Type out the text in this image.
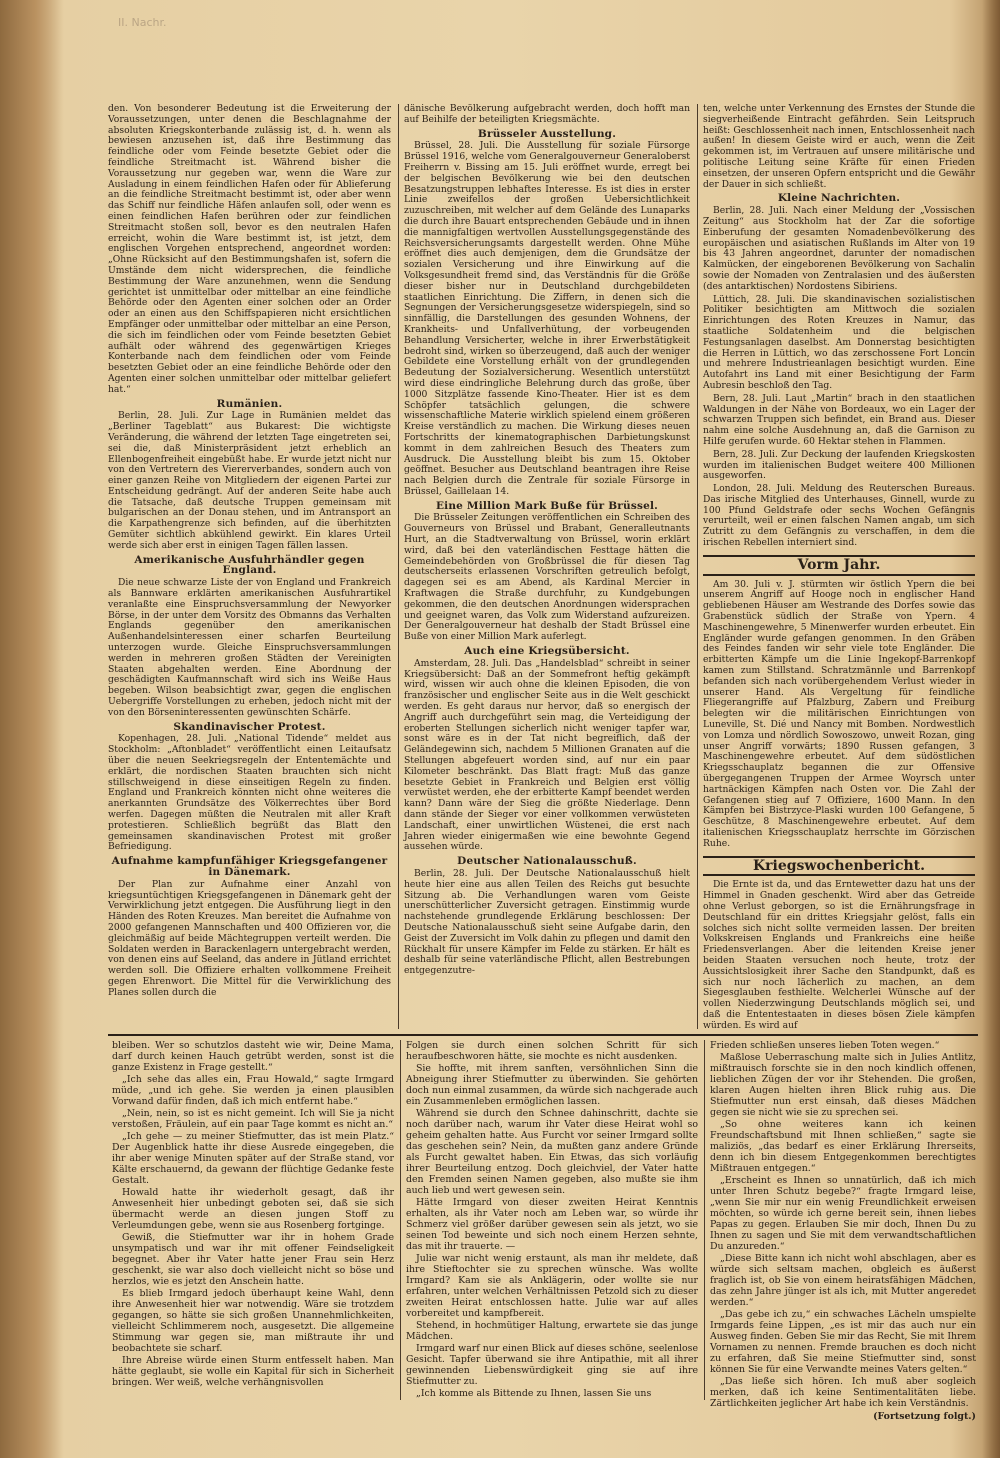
II. Nachr.

den. Von besonderer Bedeutung ist die Erweiterung der Voraussetzungen, unter denen die Beschlagnahme der absoluten Kriegskonterbande zulässig ist, d. h. wenn als bewiesen anzusehen ist, daß ihre Bestimmung das feindliche oder vom Feinde besetzte Gebiet oder die feindliche Streitmacht ist. Während bisher die Voraussetzung nur gegeben war, wenn die Ware zur Ausladung in einem feindlichen Hafen oder für Ablieferung an die feindliche Streitmacht bestimmt ist, oder aber wenn das Schiff nur feindliche Häfen anlaufen soll, oder wenn es einen feindlichen Hafen berühren oder zur feindlichen Streitmacht stoßen soll, bevor es den neutralen Hafen erreicht, wohin die Ware bestimmt ist, ist jetzt, dem englischen Vorgehen entsprechend, angeordnet worden: „Ohne Rücksicht auf den Bestimmungshafen ist, sofern die Umstände dem nicht widersprechen, die feindliche Bestimmung der Ware anzunehmen, wenn die Sendung gerichtet ist unmittelbar oder mittelbar an eine feindliche Behörde oder den Agenten einer solchen oder an Order oder an einen aus den Schiffspapieren nicht ersichtlichen Empfänger oder unmittelbar oder mittelbar an eine Person, die sich im feindlichen oder vom Feinde besetzten Gebiet aufhält oder während des gegenwärtigen Krieges Konterbande nach dem feindlichen oder vom Feinde besetzten Gebiet oder an eine feindliche Behörde oder den Agenten einer solchen unmittelbar oder mittelbar geliefert hat.“

Rumänien.

Berlin, 28. Juli. Zur Lage in Rumänien meldet das „Berliner Tageblatt“ aus Bukarest: Die wichtigste Veränderung, die während der letzten Tage eingetreten sei, sei die, daß Ministerpräsident jetzt erheblich an Ellenbogenfreiheit eingebüßt habe. Er wurde jetzt nicht nur von den Vertretern des Viererverbandes, sondern auch von einer ganzen Reihe von Mitgliedern der eigenen Partei zur Entscheidung gedrängt. Auf der anderen Seite habe auch die Tatsache, daß deutsche Truppen gemeinsam mit bulgarischen an der Donau stehen, und im Antransport an die Karpathengrenze sich befinden, auf die überhitzten Gemüter sichtlich abkühlend gewirkt. Ein klares Urteil werde sich aber erst in einigen Tagen fällen lassen.

Amerikanische Ausfuhrhändler gegen England.

Die neue schwarze Liste der von England und Frankreich als Bannware erklärten amerikanischen Ausfuhrartikel veranlaßte eine Einspruchsversammlung der Newyorker Börse, in der unter dem Vorsitz des Obmanns das Verhalten Englands gegenüber den amerikanischen Außenhandelsinteressen einer scharfen Beurteilung unterzogen wurde. Gleiche Einspruchsversammlungen werden in mehreren großen Städten der Vereinigten Staaten abgehalten werden. Eine Abordnung der geschädigten Kaufmannschaft wird sich ins Weiße Haus begeben. Wilson beabsichtigt zwar, gegen die englischen Uebergriffe Vorstellungen zu erheben, jedoch nicht mit der von den Börseninteressenten gewünschten Schärfe.

Skandinavischer Protest.

Kopenhagen, 28. Juli. „National Tidende“ meldet aus Stockholm: „Aftonbladet“ veröffentlicht einen Leitaufsatz über die neuen Seekriegsregeln der Ententemächte und erklärt, die nordischen Staaten brauchten sich nicht stillschweigend in diese einseitigen Regeln zu finden. England und Frankreich könnten nicht ohne weiteres die anerkannten Grundsätze des Völkerrechtes über Bord werfen. Dagegen müßten die Neutralen mit aller Kraft protestieren. Schließlich begrüßt das Blatt den gemeinsamen skandinavischen Protest mit großer Befriedigung.

Aufnahme kampfunfähiger Kriegsgefangener in Dänemark.

Der Plan zur Aufnahme einer Anzahl von kriegsuntüchtigen Kriegsgefangenen in Dänemark geht der Verwirklichung jetzt entgegen. Die Ausführung liegt in den Händen des Roten Kreuzes. Man bereitet die Aufnahme von 2000 gefangenen Mannschaften und 400 Offizieren vor, die gleichmäßig auf beide Mächtegruppen verteilt werden. Die Soldaten werden in Barackenlagern untergebracht werden, von denen eins auf Seeland, das andere in Jütland errichtet werden soll. Die Offiziere erhalten vollkommene Freiheit gegen Ehrenwort. Die Mittel für die Verwirklichung des Planes sollen durch die

dänische Bevölkerung aufgebracht werden, doch hofft man auf Beihilfe der beteiligten Kriegsmächte.

Brüsseler Ausstellung.

Brüssel, 28. Juli. Die Ausstellung für soziale Fürsorge Brüssel 1916, welche vom Generalgouverneur Generaloberst Freiherrn v. Bissing am 15. Juli eröffnet wurde, erregt bei der belgischen Bevölkerung wie bei den deutschen Besatzungstruppen lebhaftes Interesse. Es ist dies in erster Linie zweifellos der großen Uebersichtlichkeit zuzuschreiben, mit welcher auf dem Gelände des Lunaparks die durch ihre Bauart entsprechenden Gebäude und in ihnen die mannigfaltigen wertvollen Ausstellungsgegenstände des Reichsversicherungsamts dargestellt werden. Ohne Mühe eröffnet dies auch demjenigen, dem die Grundsätze der sozialen Versicherung und ihre Einwirkung auf die Volksgesundheit fremd sind, das Verständnis für die Größe dieser bisher nur in Deutschland durchgebildeten staatlichen Einrichtung. Die Ziffern, in denen sich die Segnungen der Versicherungsgesetze widerspiegeln, sind so sinnfällig, die Darstellungen des gesunden Wohnens, der Krankheits- und Unfallverhütung, der vorbeugenden Behandlung Versicherter, welche in ihrer Erwerbstätigkeit bedroht sind, wirken so überzeugend, daß auch der weniger Gebildete eine Vorstellung erhält von der grundlegenden Bedeutung der Sozialversicherung. Wesentlich unterstützt wird diese eindringliche Belehrung durch das große, über 1000 Sitzplätze fassende Kino-Theater. Hier ist es dem Schöpfer tatsächlich gelungen, die schwere wissenschaftliche Materie wirklich spielend einem größeren Kreise verständlich zu machen. Die Wirkung dieses neuen Fortschritts der kinematographischen Darbietungskunst kommt in dem zahlreichen Besuch des Theaters zum Ausdruck. Die Ausstellung bleibt bis zum 15. Oktober geöffnet. Besucher aus Deutschland beantragen ihre Reise nach Belgien durch die Zentrale für soziale Fürsorge in Brüssel, Gaillelaan 14.

Eine Million Mark Buße für Brüssel.

Die Brüsseler Zeitungen veröffentlichen ein Schreiben des Gouverneurs von Brüssel und Brabant, Generalleutnants Hurt, an die Stadtverwaltung von Brüssel, worin erklärt wird, daß bei den vaterländischen Festtage hätten die Gemeindebehörden von Großbrüssel die für diesen Tag deutscherseits erlassenen Vorschriften getreulich befolgt, dagegen sei es am Abend, als Kardinal Mercier in Kraftwagen die Straße durchfuhr, zu Kundgebungen gekommen, die den deutschen Anordnungen widersprachen und geeignet waren, das Volk zum Widerstand aufzureizen. Der Generalgouverneur hat deshalb der Stadt Brüssel eine Buße von einer Million Mark auferlegt.

Auch eine Kriegsübersicht.

Amsterdam, 28. Juli. Das „Handelsblad“ schreibt in seiner Kriegsübersicht: Daß an der Sommefront heftig gekämpft wird, wissen wir auch ohne die kleinen Episoden, die von französischer und englischer Seite aus in die Welt geschickt werden. Es geht daraus nur hervor, daß so energisch der Angriff auch durchgeführt sein mag, die Verteidigung der eroberten Stellungen sicherlich nicht weniger tapfer war, sonst wäre es in der Tat nicht begreiflich, daß der Geländegewinn sich, nachdem 5 Millionen Granaten auf die Stellungen abgefeuert worden sind, auf nur ein paar Kilometer beschränkt. Das Blatt fragt: Muß das ganze besetzte Gebiet in Frankreich und Belgien erst völlig verwüstet werden, ehe der erbitterte Kampf beendet werden kann? Dann wäre der Sieg die größte Niederlage. Denn dann stände der Sieger vor einer vollkommen verwüsteten Landschaft, einer unwirtlichen Wüstenei, die erst nach Jahren wieder einigermaßen wie eine bewohnte Gegend aussehen würde.

Deutscher Nationalausschuß.

Berlin, 28. Juli. Der Deutsche Nationalausschuß hielt heute hier eine aus allen Teilen des Reichs gut besuchte Sitzung ab. Die Verhandlungen waren vom Geiste unerschütterlicher Zuversicht getragen. Einstimmig wurde nachstehende grundlegende Erklärung beschlossen: Der Deutsche Nationalausschuß sieht seine Aufgabe darin, den Geist der Zuversicht im Volk dahin zu pflegen und damit den Rückhalt für unsere Kämpfer im Felde zu stärken. Er hält es deshalb für seine vaterländische Pflicht, allen Bestrebungen entgegenzutre-

ten, welche unter Verkennung des Ernstes der Stunde die siegverheißende Eintracht gefährden. Sein Leitspruch heißt: Geschlossenheit nach innen, Entschlossenheit nach außen! In diesem Geiste wird er auch, wenn die Zeit gekommen ist, im Vertrauen auf unsere militärische und politische Leitung seine Kräfte für einen Frieden einsetzen, der unseren Opfern entspricht und die Gewähr der Dauer in sich schließt.

Kleine Nachrichten.

Berlin, 28. Juli. Nach einer Meldung der „Vossischen Zeitung“ aus Stockholm hat der Zar die sofortige Einberufung der gesamten Nomadenbevölkerung des europäischen und asiatischen Rußlands im Alter von 19 bis 43 Jahren angeordnet, darunter der nomadischen Kalmücken, der eingeborenen Bevölkerung von Sachalin sowie der Nomaden von Zentralasien und des äußersten (des antarktischen) Nordostens Sibiriens.

Lüttich, 28. Juli. Die skandinavischen sozialistischen Politiker besichtigten am Mittwoch die sozialen Einrichtungen des Roten Kreuzes in Namur, das staatliche Soldatenheim und die belgischen Festungsanlagen daselbst. Am Donnerstag besichtigten die Herren in Lüttich, wo das zerschossene Fort Loncin und mehrere Industrieanlagen besichtigt wurden. Eine Autofahrt ins Land mit einer Besichtigung der Farm Aubresin beschloß den Tag.

Bern, 28. Juli. Laut „Martin“ brach in den staatlichen Waldungen in der Nähe von Bordeaux, wo ein Lager der schwarzen Truppen sich befindet, ein Brand aus. Dieser nahm eine solche Ausdehnung an, daß die Garnison zu Hilfe gerufen wurde. 60 Hektar stehen in Flammen.

Bern, 28. Juli. Zur Deckung der laufenden Kriegskosten wurden im italienischen Budget weitere 400 Millionen ausgeworfen.

London, 28. Juli. Meldung des Reuterschen Bureaus. Das irische Mitglied des Unterhauses, Ginnell, wurde zu 100 Pfund Geldstrafe oder sechs Wochen Gefängnis verurteilt, weil er einen falschen Namen angab, um sich Zutritt zu dem Gefängnis zu verschaffen, in dem die irischen Rebellen interniert sind.

Vorm Jahr.

Am 30. Juli v. J. stürmten wir östlich Ypern die bei unserem Angriff auf Hooge noch in englischer Hand gebliebenen Häuser am Westrande des Dorfes sowie das Grabenstück südlich der Straße von Ypern. 4 Maschinengewehre, 5 Minenwerfer wurden erbeutet. Ein Engländer wurde gefangen genommen. In den Gräben des Feindes fanden wir sehr viele tote Engländer. Die erbitterten Kämpfe um die Linie Ingekopf-Barrenkopf kamen zum Stillstand. Schratzmännle und Barrenkopf befanden sich nach vorübergehendem Verlust wieder in unserer Hand. Als Vergeltung für feindliche Fliegerangriffe auf Pfalzburg, Zabern und Freiburg belegten wir die militärischen Einrichtungen von Luneville, St. Dié und Nancy mit Bomben. Nordwestlich von Lomza und nördlich Sowoszowo, unweit Rozan, ging unser Angriff vorwärts; 1890 Russen gefangen, 3 Maschinengewehre erbeutet. Auf dem südöstlichen Kriegsschauplatz begannen die zur Offensive übergegangenen Truppen der Armee Woyrsch unter hartnäckigen Kämpfen nach Osten vor. Die Zahl der Gefangenen stieg auf 7 Offiziere, 1600 Mann. In den Kämpfen bei Bistrzyce-Plaski wurden 100 Gefangene, 5 Geschütze, 8 Maschinengewehre erbeutet. Auf dem italienischen Kriegsschauplatz herrschte im Görzischen Ruhe.

Kriegswochenbericht.

Die Ernte ist da, und das Erntewetter dazu hat uns der Himmel in Gnaden geschenkt. Wird aber das Getreide ohne Verlust geborgen, so ist die Ernährungsfrage in Deutschland für ein drittes Kriegsjahr gelöst, falls ein solches sich nicht sollte vermeiden lassen. Der breiten Volkskreisen Englands und Frankreichs eine heiße Friedensverlangen. Aber die leitenden Kreise jener beiden Staaten versuchen noch heute, trotz der Aussichtslosigkeit ihrer Sache den Standpunkt, daß es sich nur noch lächerlich zu machen, an dem Siegesglauben festhielte. Welcherlei Wünsche auf der vollen Niederzwingung Deutschlands möglich sei, und daß die Ententestaaten in dieses bösen Ziele kämpfen würden. Es wird auf

bleiben. Wer so schutzlos dasteht wie wir, Deine Mama, darf durch keinen Hauch getrübt werden, sonst ist die ganze Existenz in Frage gestellt.“

„Ich sehe das alles ein, Frau Howald,“ sagte Irmgard müde, „und ich gehe. Sie werden ja einen plausiblen Vorwand dafür finden, daß ich mich entfernt habe.“

„Nein, nein, so ist es nicht gemeint. Ich will Sie ja nicht verstoßen, Fräulein, auf ein paar Tage kommt es nicht an.“

„Ich gehe — zu meiner Stiefmutter, das ist mein Platz.“ Der Augenblick hatte ihr diese Ausrede eingegeben, die ihr aber wenige Minuten später auf der Straße stand, vor Kälte erschauernd, da gewann der flüchtige Gedanke feste Gestalt.

Howald hatte ihr wiederholt gesagt, daß ihr Anwesenheit hier unbedingt geboten sei, daß sie sich übermacht werde an diesen jungen Stoff zu Verleumdungen gebe, wenn sie aus Rosenberg fortginge.

Gewiß, die Stiefmutter war ihr in hohem Grade unsympatisch und war ihr mit offener Feindseligkeit begegnet. Aber ihr Vater hatte jener Frau sein Herz geschenkt, sie war also doch vielleicht nicht so böse und herzlos, wie es jetzt den Anschein hatte.

Es blieb Irmgard jedoch überhaupt keine Wahl, denn ihre Anwesenheit hier war notwendig. Wäre sie trotzdem gegangen, so hätte sie sich großen Unannehmlichkeiten, vielleicht Schlimmerem noch, ausgesetzt. Die allgemeine Stimmung war gegen sie, man mißtraute ihr und beobachtete sie scharf.

Ihre Abreise würde einen Sturm entfesselt haben. Man hätte geglaubt, sie wolle ein Kapital für sich in Sicherheit bringen. Wer weiß, welche verhängnisvollen

Folgen sie durch einen solchen Schritt für sich heraufbeschworen hätte, sie mochte es nicht ausdenken.

Sie hoffte, mit ihrem sanften, versöhnlichen Sinn die Abneigung ihrer Stiefmutter zu überwinden. Sie gehörten doch nun einmal zusammen, da würde sich nachgerade auch ein Zusammenleben ermöglichen lassen.

Während sie durch den Schnee dahinschritt, dachte sie noch darüber nach, warum ihr Vater diese Heirat wohl so geheim gehalten hatte. Aus Furcht vor seiner Irmgard sollte das geschehen sein? Nein, da mußten ganz andere Gründe als Furcht gewaltet haben. Ein Etwas, das sich vorläufig ihrer Beurteilung entzog. Doch gleichviel, der Vater hatte den Fremden seinen Namen gegeben, also mußte sie ihm auch lieb und wert gewesen sein.

Hätte Irmgard von dieser zweiten Heirat Kenntnis erhalten, als ihr Vater noch am Leben war, so würde ihr Schmerz viel größer darüber gewesen sein als jetzt, wo sie seinen Tod beweinte und sich noch einem Herzen sehnte, das mit ihr trauerte. —

Julie war nicht wenig erstaunt, als man ihr meldete, daß ihre Stieftochter sie zu sprechen wünsche. Was wollte Irmgard? Kam sie als Anklägerin, oder wollte sie nur erfahren, unter welchen Verhältnissen Petzold sich zu dieser zweiten Heirat entschlossen hatte. Julie war auf alles vorbereitet und kampfbereit.

Stehend, in hochmütiger Haltung, erwartete sie das junge Mädchen.

Irmgard warf nur einen Blick auf dieses schöne, seelenlose Gesicht. Tapfer überwand sie ihre Antipathie, mit all ihrer gewinnenden Liebenswürdigkeit ging sie auf ihre Stiefmutter zu.

„Ich komme als Bittende zu Ihnen, lassen Sie uns

Frieden schließen unseres lieben Toten wegen.“

Maßlose Ueberraschung malte sich in Julies Antlitz, mißtrauisch forschte sie in den noch kindlich offenen, lieblichen Zügen der vor ihr Stehenden. Die großen, klaren Augen hielten ihren Blick ruhig aus. Die Stiefmutter nun erst einsah, daß dieses Mädchen gegen sie nicht wie sie zu sprechen sei.

„So ohne weiteres kann ich keinen Freundschaftsbund mit Ihnen schließen,“ sagte sie maliziös, „das bedarf es einer Erklärung Ihrerseits, denn ich bin diesem Entgegenkommen berechtigtes Mißtrauen entgegen.“

„Erscheint es Ihnen so unnatürlich, daß ich mich unter Ihren Schutz begebe?“ fragte Irmgard leise, „wenn Sie mir nur ein wenig Freundlichkeit erweisen möchten, so würde ich gerne bereit sein, ihnen liebes Papas zu gegen. Erlauben Sie mir doch, Ihnen Du zu Ihnen zu sagen und Sie mit dem verwandtschaftlichen Du anzureden.“

„Diese Bitte kann ich nicht wohl abschlagen, aber es würde sich seltsam machen, obgleich es äußerst fraglich ist, ob Sie von einem heiratsfähigen Mädchen, das zehn Jahre jünger ist als ich, mit Mutter angeredet werden.“

„Das gebe ich zu,“ ein schwaches Lächeln umspielte Irmgards feine Lippen, „es ist mir das auch nur ein Ausweg finden. Geben Sie mir das Recht, Sie mit Ihrem Vornamen zu nennen. Fremde brauchen es doch nicht zu erfahren, daß Sie meine Stiefmutter sind, sonst können Sie für eine Verwandte meines Vaters gelten.“

„Das ließe sich hören. Ich muß aber sogleich merken, daß ich keine Sentimentalitäten liebe. Zärtlichkeiten jeglicher Art habe ich kein Verständnis.

(Fortsetzung folgt.)
